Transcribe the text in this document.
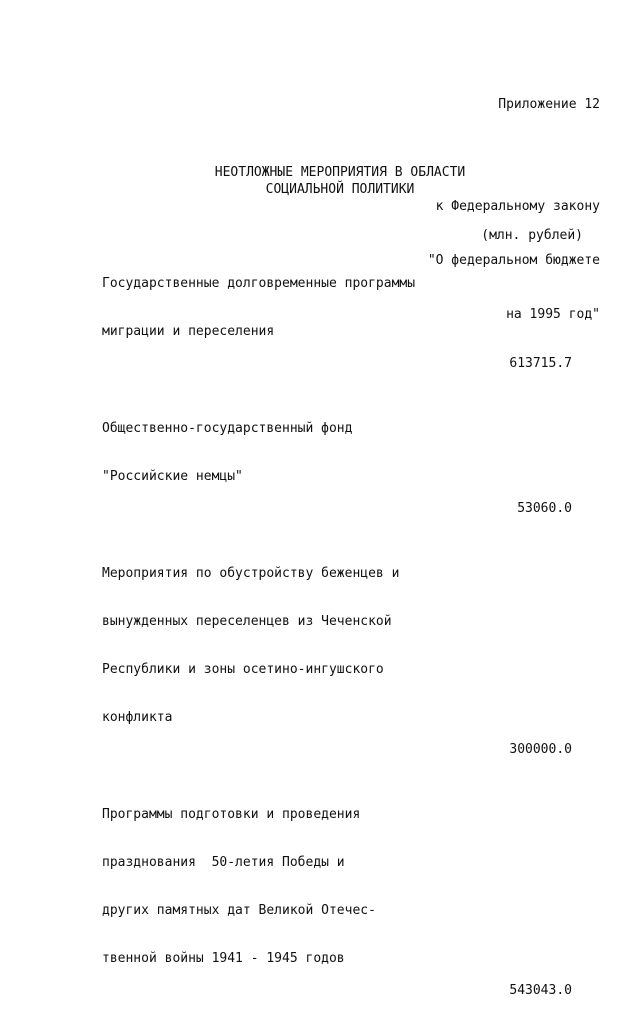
Приложение 12

к Федеральному закону

"О федеральном бюджете

на 1995 год"

НЕОТЛОЖНЫЕ МЕРОПРИЯТИЯ В ОБЛАСТИ
СОЦИАЛЬНОЙ ПОЛИТИКИ
(млн. рублей)

Государственные долговременные программы

миграции и переселения

613715.7

Общественно-государственный фонд

"Российские немцы"

53060.0

Мероприятия по обустройству беженцев и

вынужденных переселенцев из Чеченской

Республики и зоны осетино-ингушского

конфликта

300000.0

Программы подготовки и проведения

празднования  50-летия Победы и

других памятных дат Великой Отечес-

твенной войны 1941 - 1945 годов

543043.0
